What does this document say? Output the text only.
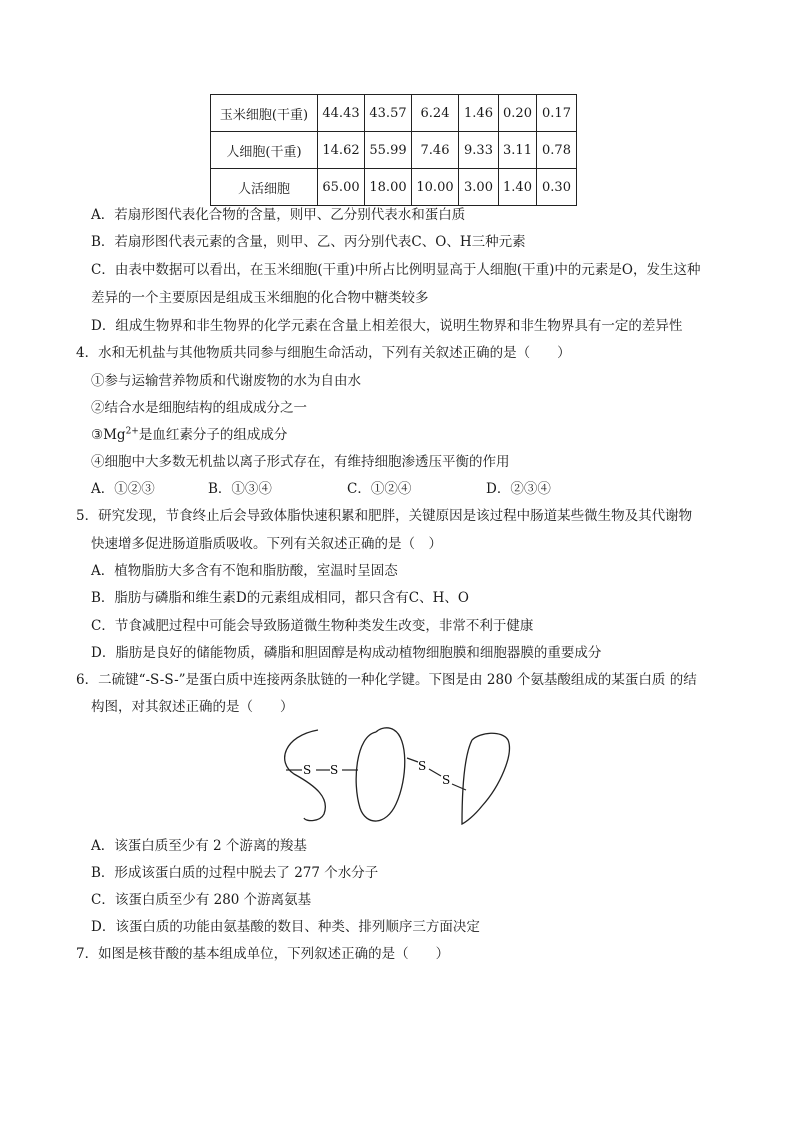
玉米细胞(干重)	44.43	43.57	6.24	1.46	0.20	0.17
人细胞(干重)	14.62	55.99	7.46	9.33	3.11	0.78
人活细胞	65.00	18.00	10.00	3.00	1.40	0.30
A．若扇形图代表化合物的含量，则甲、乙分别代表水和蛋白质
B．若扇形图代表元素的含量，则甲、乙、丙分别代表C、O、H三种元素
C．由表中数据可以看出，在玉米细胞(干重)中所占比例明显高于人细胞(干重)中的元素是O，发生这种
差异的一个主要原因是组成玉米细胞的化合物中糖类较多
D．组成生物界和非生物界的化学元素在含量上相差很大，说明生物界和非生物界具有一定的差异性
4．水和无机盐与其他物质共同参与细胞生命活动，下列有关叙述正确的是（　　）
①参与运输营养物质和代谢废物的水为自由水
②结合水是细胞结构的组成成分之一
$③Mg^{2+}$是血红素分子的组成成分
④细胞中大多数无机盐以离子形式存在，有维持细胞渗透压平衡的作用
A．①②③	B．①③④	C．①②④	D．②③④
5．研究发现，节食终止后会导致体脂快速积累和肥胖，关键原因是该过程中肠道某些微生物及其代谢物
快速增多促进肠道脂质吸收。下列有关叙述正确的是（　）
A．植物脂肪大多含有不饱和脂肪酸，室温时呈固态
B．脂肪与磷脂和维生素D的元素组成相同，都只含有C、H、O
C．节食减肥过程中可能会导致肠道微生物种类发生改变，非常不利于健康
D．脂肪是良好的储能物质，磷脂和胆固醇是构成动植物细胞膜和细胞器膜的重要成分
6．二硫键“-S-S-”是蛋白质中连接两条肽链的一种化学键。下图是由 280 个氨基酸组成的某蛋白质 的结
构图，对其叙述正确的是（　　）
S S	S
S
A．该蛋白质至少有 2 个游离的羧基
B．形成该蛋白质的过程中脱去了 277 个水分子
C．该蛋白质至少有 280 个游离氨基
D．该蛋白质的功能由氨基酸的数目、种类、排列顺序三方面决定
7．如图是核苷酸的基本组成单位，下列叙述正确的是（　　）
